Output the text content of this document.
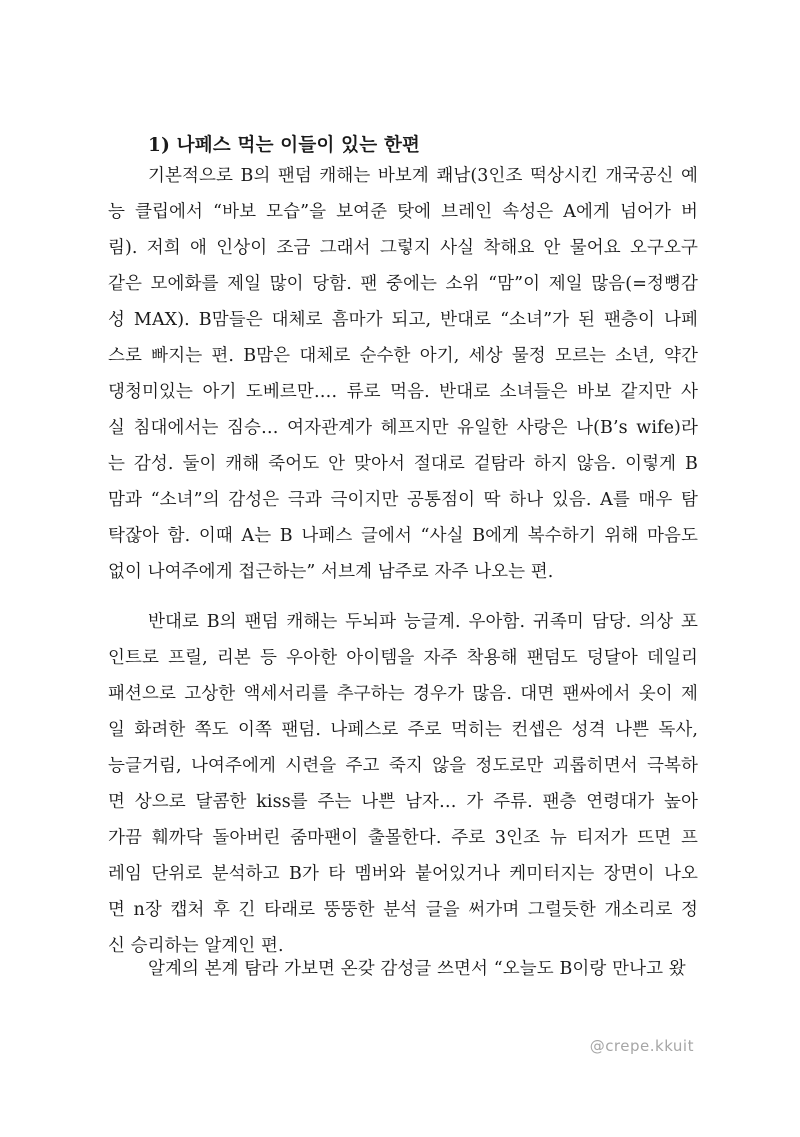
1) 나페스 먹는 이들이 있는 한편
기본적으로 B의 팬덤 캐해는 바보계 쾌남(3인조 떡상시킨 개국공신 예
능 클립에서 “바보 모습”을 보여준 탓에 브레인 속성은 A에게 넘어가 버
림). 저희 애 인상이 조금 그래서 그렇지 사실 착해요 안 물어요 오구오구
같은 모에화를 제일 많이 당함. 팬 중에는 소위 “맘”이 제일 많음(=정뼝감
성 MAX). B맘들은 대체로 흠마가 되고, 반대로 “소녀”가 된 팬층이 나페
스로 빠지는 편. B맘은 대체로 순수한 아기, 세상 물정 모르는 소년, 약간
댕청미있는 아기 도베르만…. 류로 먹음. 반대로 소녀들은 바보 같지만 사
실 침대에서는 짐승… 여자관계가 헤프지만 유일한 사랑은 나(B’s wife)라
는 감성. 둘이 캐해 죽어도 안 맞아서 절대로 겉탐라 하지 않음. 이렇게 B
맘과 “소녀”의 감성은 극과 극이지만 공통점이 딱 하나 있음. A를 매우 탐
탁잖아 함. 이때 A는 B 나페스 글에서 “사실 B에게 복수하기 위해 마음도
없이 나여주에게 접근하는” 서브계 남주로 자주 나오는 편.
반대로 B의 팬덤 캐해는 두뇌파 능글계. 우아함. 귀족미 담당. 의상 포
인트로 프릴, 리본 등 우아한 아이템을 자주 착용해 팬덤도 덩달아 데일리
패션으로 고상한 액세서리를 추구하는 경우가 많음. 대면 팬싸에서 옷이 제
일 화려한 쪽도 이쪽 팬덤. 나페스로 주로 먹히는 컨셉은 성격 나쁜 독사,
능글거림, 나여주에게 시련을 주고 죽지 않을 정도로만 괴롭히면서 극복하
면 상으로 달콤한 kiss를 주는 나쁜 남자… 가 주류. 팬층 연령대가 높아
가끔 훼까닥 돌아버린 줌마팬이 출몰한다. 주로 3인조 뉴 티저가 뜨면 프
레임 단위로 분석하고 B가 타 멤버와 붙어있거나 케미터지는 장면이 나오
면 n장 캡처 후 긴 타래로 뚱뚱한 분석 글을 써가며 그럴듯한 개소리로 정
신 승리하는 알계인 편.
알계의 본계 탐라 가보면 온갖 감성글 쓰면서 “오늘도 B이랑 만나고 왔
@crepe.kkuit
